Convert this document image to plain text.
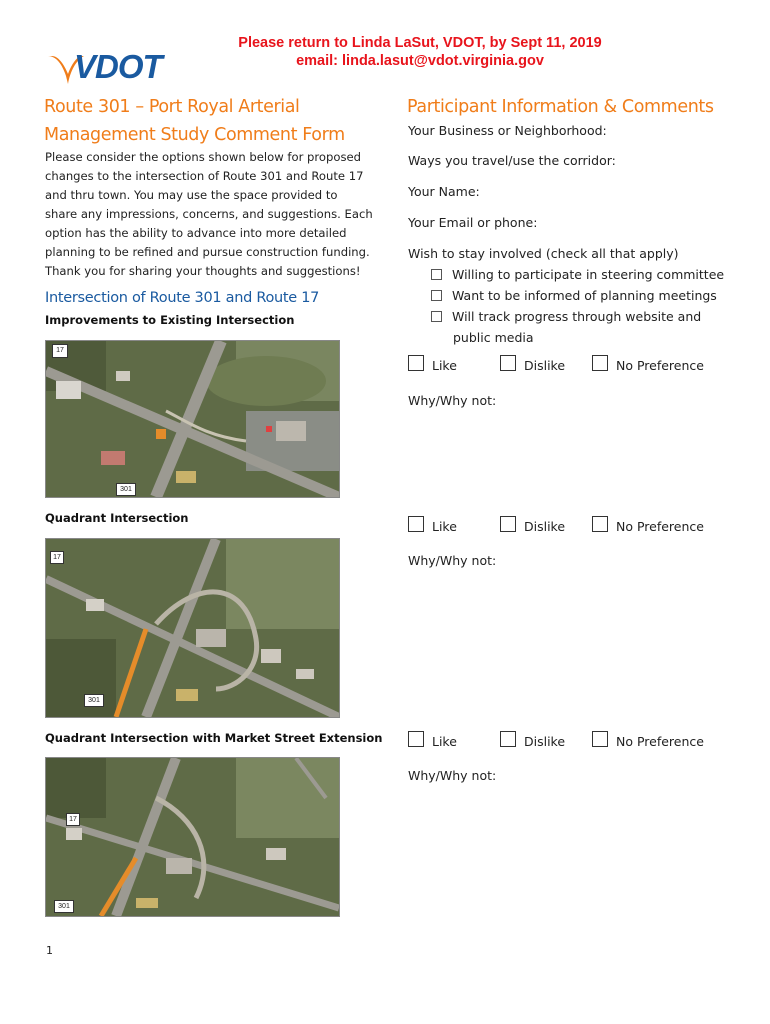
Please return to Linda LaSut, VDOT, by Sept 11, 2019
email: linda.lasut@vdot.virginia.gov
VDOT
Route 301 – Port Royal Arterial
Management Study Comment Form
Please consider the options shown below for proposed
changes to the intersection of Route 301 and Route 17
and thru town. You may use the space provided to
share any impressions, concerns, and suggestions. Each
option has the ability to advance into more detailed
planning to be refined and pursue construction funding.
Thank you for sharing your thoughts and suggestions!
Intersection of Route 301 and Route 17
Improvements to Existing Intersection
17
301
Quadrant Intersection
17
301
Quadrant Intersection with Market Street Extension
17
301
Participant Information & Comments
Your Business or Neighborhood:
Ways you travel/use the corridor:
Your Name:
Your Email or phone:
Wish to stay involved (check all that apply)
Willing to participate in steering committee
Want to be informed of planning meetings
Will track progress through website and
public media
Like	Dislike	No Preference
Why/Why not:
Like	Dislike	No Preference
Why/Why not:
Like	Dislike	No Preference
Why/Why not:
1
